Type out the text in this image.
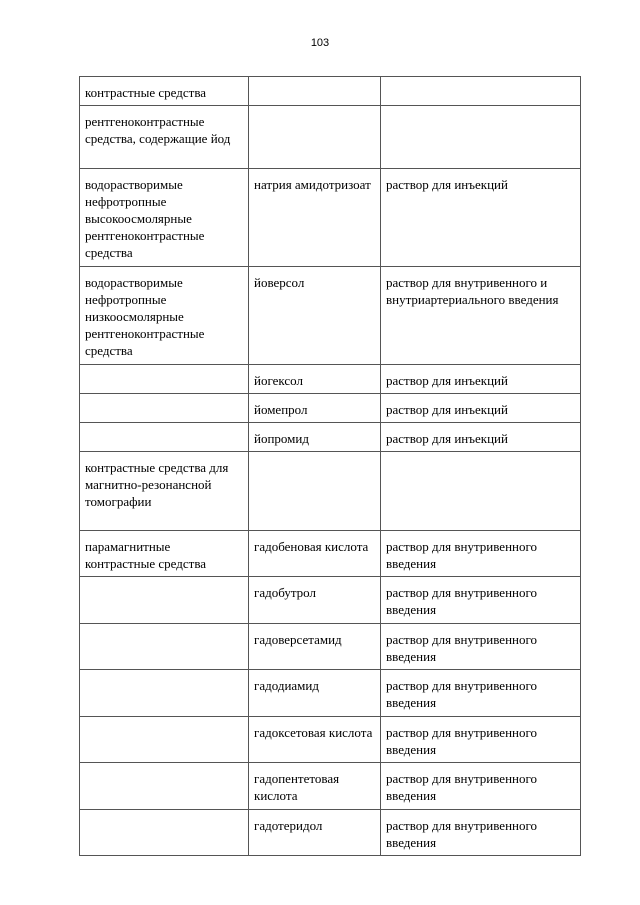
103
контрастные средства		
рентгеноконтрастные средства, содержащие йод		
водорастворимые нефротропные высокоосмолярные рентгеноконтрастные средства	натрия амидотризоат	раствор для инъекций
водорастворимые нефротропные низкоосмолярные рентгеноконтрастные средства	йоверсол	раствор для внутривенного и внутриартериального введения
	йогексол	раствор для инъекций
	йомепрол	раствор для инъекций
	йопромид	раствор для инъекций
контрастные средства для магнитно-резонансной томографии		
парамагнитные контрастные средства	гадобеновая кислота	раствор для внутривенного введения
	гадобутрол	раствор для внутривенного введения
	гадоверсетамид	раствор для внутривенного введения
	гадодиамид	раствор для внутривенного введения
	гадоксетовая кислота	раствор для внутривенного введения
	гадопентетовая кислота	раствор для внутривенного введения
	гадотеридол	раствор для внутривенного введения
